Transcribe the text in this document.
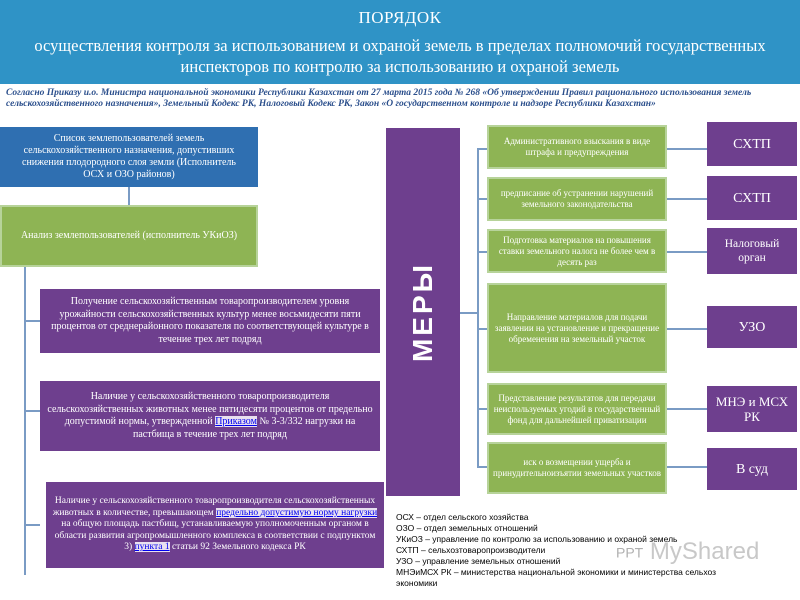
ПОРЯДОК
осуществления контроля за использованием и охраной земель в пределах полномочий государственных инспекторов по контролю за использованию и охраной земель
Согласно Приказу и.о. Министра национальной экономики Республики Казахстан от 27 марта 2015 года № 268 «Об утверждении Правил рационального использования земель сельскохозяйственного назначения», Земельный Кодекс РК, Налоговый Кодекс РК, Закон «О государственном контроле и надзоре Республики Казахстан»
Список землепользователей земель сельскохозяйственного назначения, допустивших снижения плодородного слоя земли (Исполнитель ОСХ и ОЗО районов)
Анализ землепользователей (исполнитель УКиОЗ)
Получение сельскохозяйственным товаропроизводителем уровня урожайности сельскохозяйственных культур менее восьмидесяти пяти процентов от среднерайонного показателя по соответствующей культуре в течение трех лет подряд
Наличие у сельскохозяйственного товаропроизводителя сельскохозяйственных животных менее пятидесяти процентов от предельно допустимой нормы, утвержденной Приказом № 3-3/332 нагрузки на пастбища в течение трех лет подряд
Наличие у сельскохозяйственного товаропроизводителя сельскохозяйственных животных в количестве, превышающем предельно допустимую норму нагрузки на общую площадь пастбищ, устанавливаемую уполномоченным органом в области развития агропромышленного комплекса в соответствии с подпунктом 3) пункта 1 статьи 92 Земельного кодекса РК
МЕРЫ
Административного взыскания в виде штрафа и предупреждения
предписание об устранении нарушений земельного законодательства
Подготовка материалов на повышения ставки земельного налога не более чем в десять раз
Направление материалов для подачи заявлении на установление и прекращение обременения на земельный участок
Представление результатов для передачи неиспользуемых угодий в государственный фонд для дальнейшей приватизации
иск о возмещении ущерба и принудительноизъятии земельных участков
СХТП
СХТП
Налоговый орган
УЗО
МНЭ и МСХ РК
В суд
ОСХ – отдел сельского хозяйства
ОЗО – отдел земельных отношений
УКиОЗ – управление по контролю за использованию и охраной земель
СХТП – сельхозтоваропроизводители
УЗО – управление земельных отношений
МНЭиМСХ РК – министерства национальной экономики и министерства сельхоз экономики
PPT MyShared
